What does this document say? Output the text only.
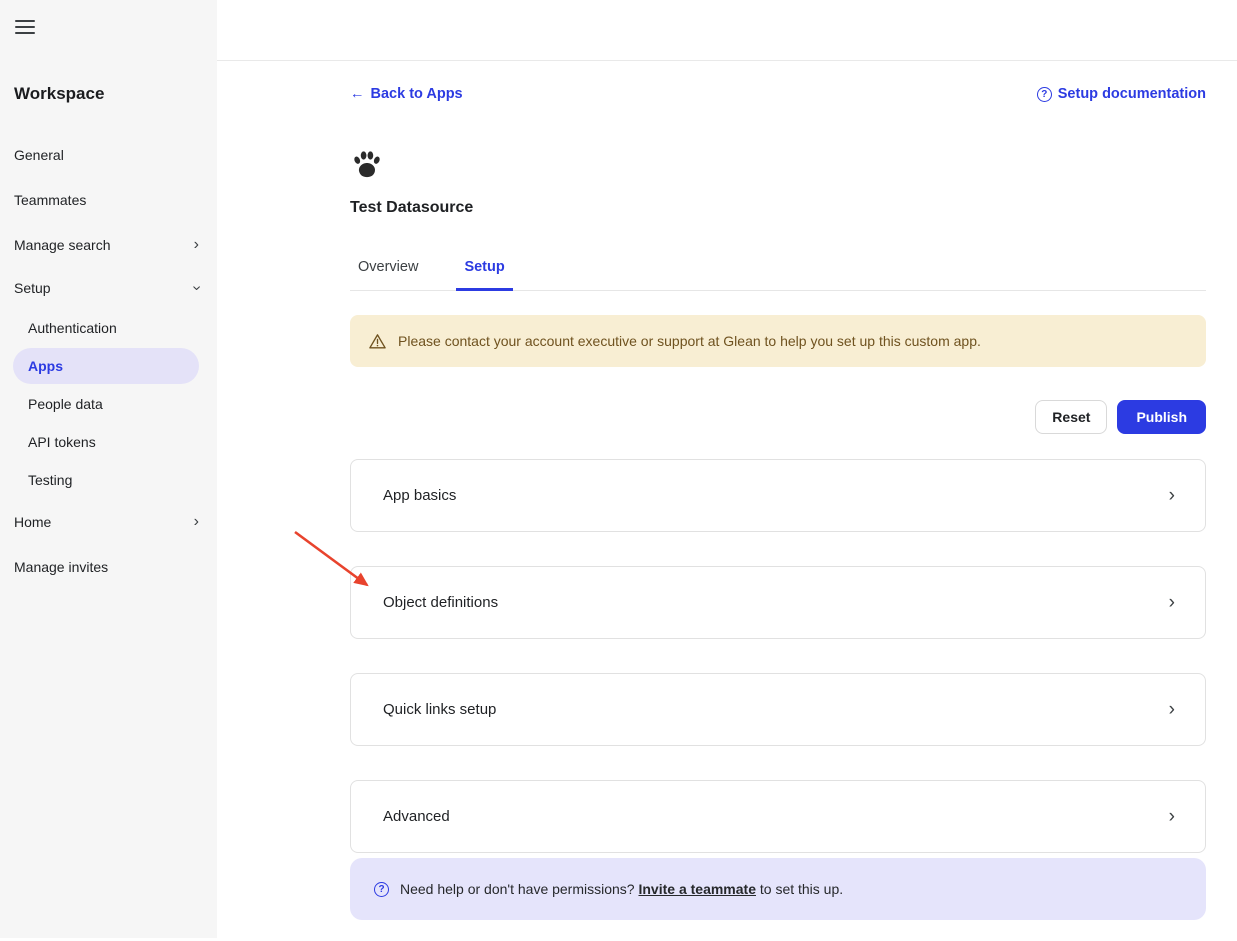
Workspace
General
Teammates
Manage search	›
Setup	›
Authentication
Apps
People data
API tokens
Testing
Home	›
Manage invites
← Back to Apps	? Setup documentation
Test Datasource
Overview	Setup
Please contact your account executive or support at Glean to help you set up this custom app.
Reset	Publish
App basics	›
Object definitions	›
Quick links setup	›
Advanced	›
?	Need help or don't have permissions? Invite a teammate to set this up.
